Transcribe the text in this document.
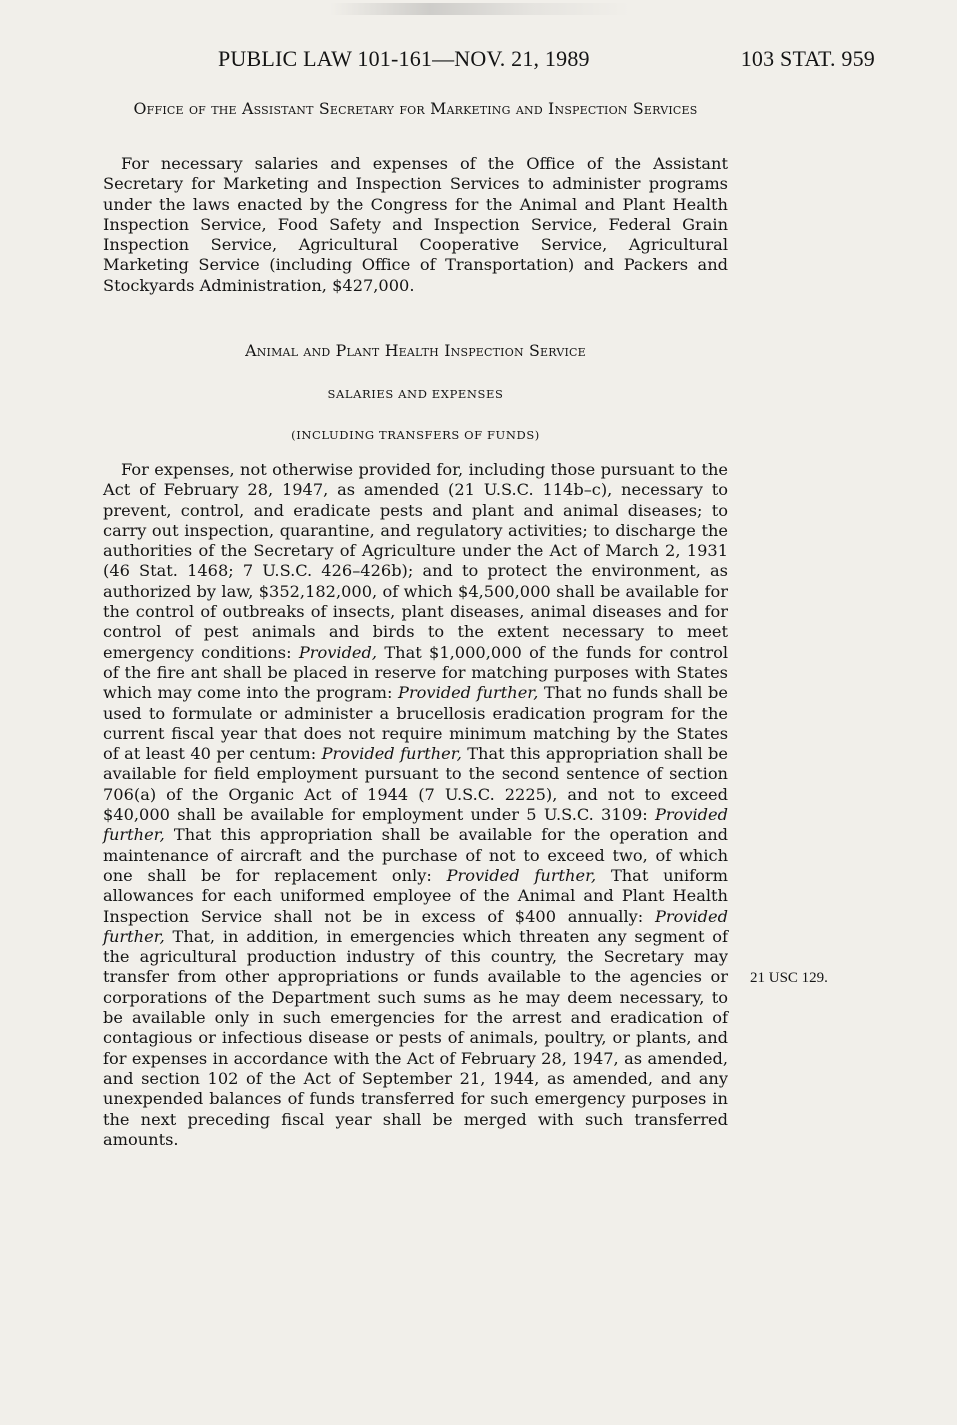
PUBLIC LAW 101-161—NOV. 21, 1989	103 STAT. 959
Office of the Assistant Secretary for Marketing and Inspection Services
For necessary salaries and expenses of the Office of the Assistant Secretary for Marketing and Inspection Services to administer programs under the laws enacted by the Congress for the Animal and Plant Health Inspection Service, Food Safety and Inspection Service, Federal Grain Inspection Service, Agricultural Cooperative Service, Agricultural Marketing Service (including Office of Transportation) and Packers and Stockyards Administration, $427,000.
Animal and Plant Health Inspection Service
SALARIES AND EXPENSES
(INCLUDING TRANSFERS OF FUNDS)
For expenses, not otherwise provided for, including those pursuant to the Act of February 28, 1947, as amended (21 U.S.C. 114b–c), necessary to prevent, control, and eradicate pests and plant and animal diseases; to carry out inspection, quarantine, and regulatory activities; to discharge the authorities of the Secretary of Agriculture under the Act of March 2, 1931 (46 Stat. 1468; 7 U.S.C. 426–426b); and to protect the environment, as authorized by law, $352,182,000, of which $4,500,000 shall be available for the control of outbreaks of insects, plant diseases, animal diseases and for control of pest animals and birds to the extent necessary to meet emergency conditions: Provided, That $1,000,000 of the funds for control of the fire ant shall be placed in reserve for matching purposes with States which may come into the program: Provided further, That no funds shall be used to formulate or administer a brucellosis eradication program for the current fiscal year that does not require minimum matching by the States of at least 40 per centum: Provided further, That this appropriation shall be available for field employment pursuant to the second sentence of section 706(a) of the Organic Act of 1944 (7 U.S.C. 2225), and not to exceed $40,000 shall be available for employment under 5 U.S.C. 3109: Provided further, That this appropriation shall be available for the operation and maintenance of aircraft and the purchase of not to exceed two, of which one shall be for replacement only: Provided further, That uniform allowances for each uniformed employee of the Animal and Plant Health Inspection Service shall not be in excess of $400 annually: Provided further, That, in addition, in emergencies which threaten any segment of the agricultural production industry of this country, the Secretary may transfer from other appropriations or funds available to the agencies or corporations of the Department such sums as he may deem necessary, to be available only in such emergencies for the arrest and eradication of contagious or infectious disease or pests of animals, poultry, or plants, and for expenses in accordance with the Act of February 28, 1947, as amended, and section 102 of the Act of September 21, 1944, as amended, and any unexpended balances of funds transferred for such emergency purposes in the next preceding fiscal year shall be merged with such transferred amounts.
21 USC 129.
